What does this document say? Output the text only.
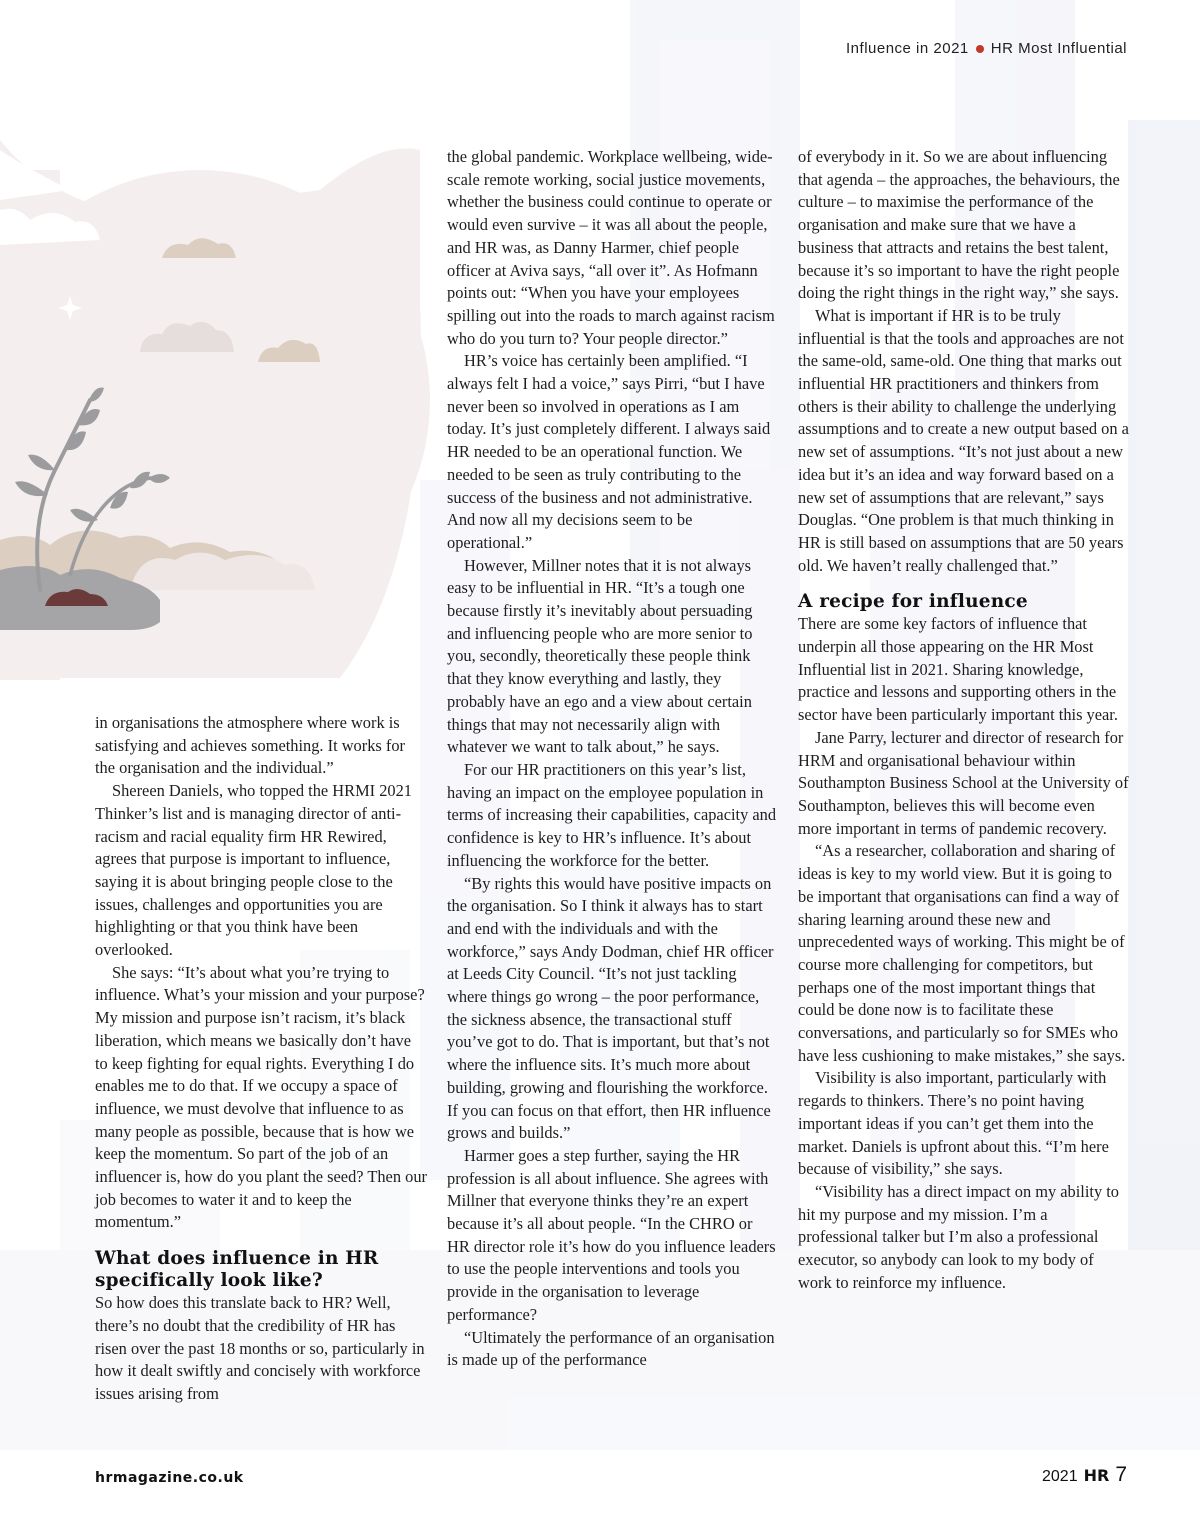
Influence in 2021 HR Most Influential

in organisations the atmosphere where work is satisfying and achieves something. It works for the organisation and the individual.”

Shereen Daniels, who topped the HRMI 2021 Thinker’s list and is managing director of anti-racism and racial equality firm HR Rewired, agrees that purpose is important to influence, saying it is about bringing people close to the issues, challenges and opportunities you are highlighting or that you think have been overlooked.

She says: “It’s about what you’re trying to influence. What’s your mission and your purpose? My mission and purpose isn’t racism, it’s black liberation, which means we basically don’t have to keep fighting for equal rights. Everything I do enables me to do that. If we occupy a space of influence, we must devolve that influence to as many people as possible, because that is how we keep the momentum. So part of the job of an influencer is, how do you plant the seed? Then our job becomes to water it and to keep the momentum.”

What does influence in HR specifically look like?

So how does this translate back to HR? Well, there’s no doubt that the credibility of HR has risen over the past 18 months or so, particularly in how it dealt swiftly and concisely with workforce issues arising from

the global pandemic. Workplace wellbeing, wide-scale remote working, social justice movements, whether the business could continue to operate or would even survive – it was all about the people, and HR was, as Danny Harmer, chief people officer at Aviva says, “all over it”. As Hofmann points out: “When you have your employees spilling out into the roads to march against racism who do you turn to? Your people director.”

HR’s voice has certainly been amplified. “I always felt I had a voice,” says Pirri, “but I have never been so involved in operations as I am today. It’s just completely different. I always said HR needed to be an operational function. We needed to be seen as truly contributing to the success of the business and not administrative. And now all my decisions seem to be operational.”

However, Millner notes that it is not always easy to be influential in HR. “It’s a tough one because firstly it’s inevitably about persuading and influencing people who are more senior to you, secondly, theoretically these people think that they know everything and lastly, they probably have an ego and a view about certain things that may not necessarily align with whatever we want to talk about,” he says.

For our HR practitioners on this year’s list, having an impact on the employee population in terms of increasing their capabilities, capacity and confidence is key to HR’s influence. It’s about influencing the workforce for the better.

“By rights this would have positive impacts on the organisation. So I think it always has to start and end with the individuals and with the workforce,” says Andy Dodman, chief HR officer at Leeds City Council. “It’s not just tackling where things go wrong – the poor performance, the sickness absence, the transactional stuff you’ve got to do. That is important, but that’s not where the influence sits. It’s much more about building, growing and flourishing the workforce. If you can focus on that effort, then HR influence grows and builds.”

Harmer goes a step further, saying the HR profession is all about influence. She agrees with Millner that everyone thinks they’re an expert because it’s all about people. “In the CHRO or HR director role it’s how do you influence leaders to use the people interventions and tools you provide in the organisation to leverage performance?

“Ultimately the performance of an organisation is made up of the performance

of everybody in it. So we are about influencing that agenda – the approaches, the behaviours, the culture – to maximise the performance of the organisation and make sure that we have a business that attracts and retains the best talent, because it’s so important to have the right people doing the right things in the right way,” she says.

What is important if HR is to be truly influential is that the tools and approaches are not the same-old, same-old. One thing that marks out influential HR practitioners and thinkers from others is their ability to challenge the underlying assumptions and to create a new output based on a new set of assumptions. “It’s not just about a new idea but it’s an idea and way forward based on a new set of assumptions that are relevant,” says Douglas. “One problem is that much thinking in HR is still based on assumptions that are 50 years old. We haven’t really challenged that.”

A recipe for influence

There are some key factors of influence that underpin all those appearing on the HR Most Influential list in 2021. Sharing knowledge, practice and lessons and supporting others in the sector have been particularly important this year.

Jane Parry, lecturer and director of research for HRM and organisational behaviour within Southampton Business School at the University of Southampton, believes this will become even more important in terms of pandemic recovery.

“As a researcher, collaboration and sharing of ideas is key to my world view. But it is going to be important that organisations can find a way of sharing learning around these new and unprecedented ways of working. This might be of course more challenging for competitors, but perhaps one of the most important things that could be done now is to facilitate these conversations, and particularly so for SMEs who have less cushioning to make mistakes,” she says.

Visibility is also important, particularly with regards to thinkers. There’s no point having important ideas if you can’t get them into the market. Daniels is upfront about this. “I’m here because of visibility,” she says.

“Visibility has a direct impact on my ability to hit my purpose and my mission. I’m a professional talker but I’m also a professional executor, so anybody can look to my body of work to reinforce my influence.

hrmagazine.co.uk	2021 HR 7
